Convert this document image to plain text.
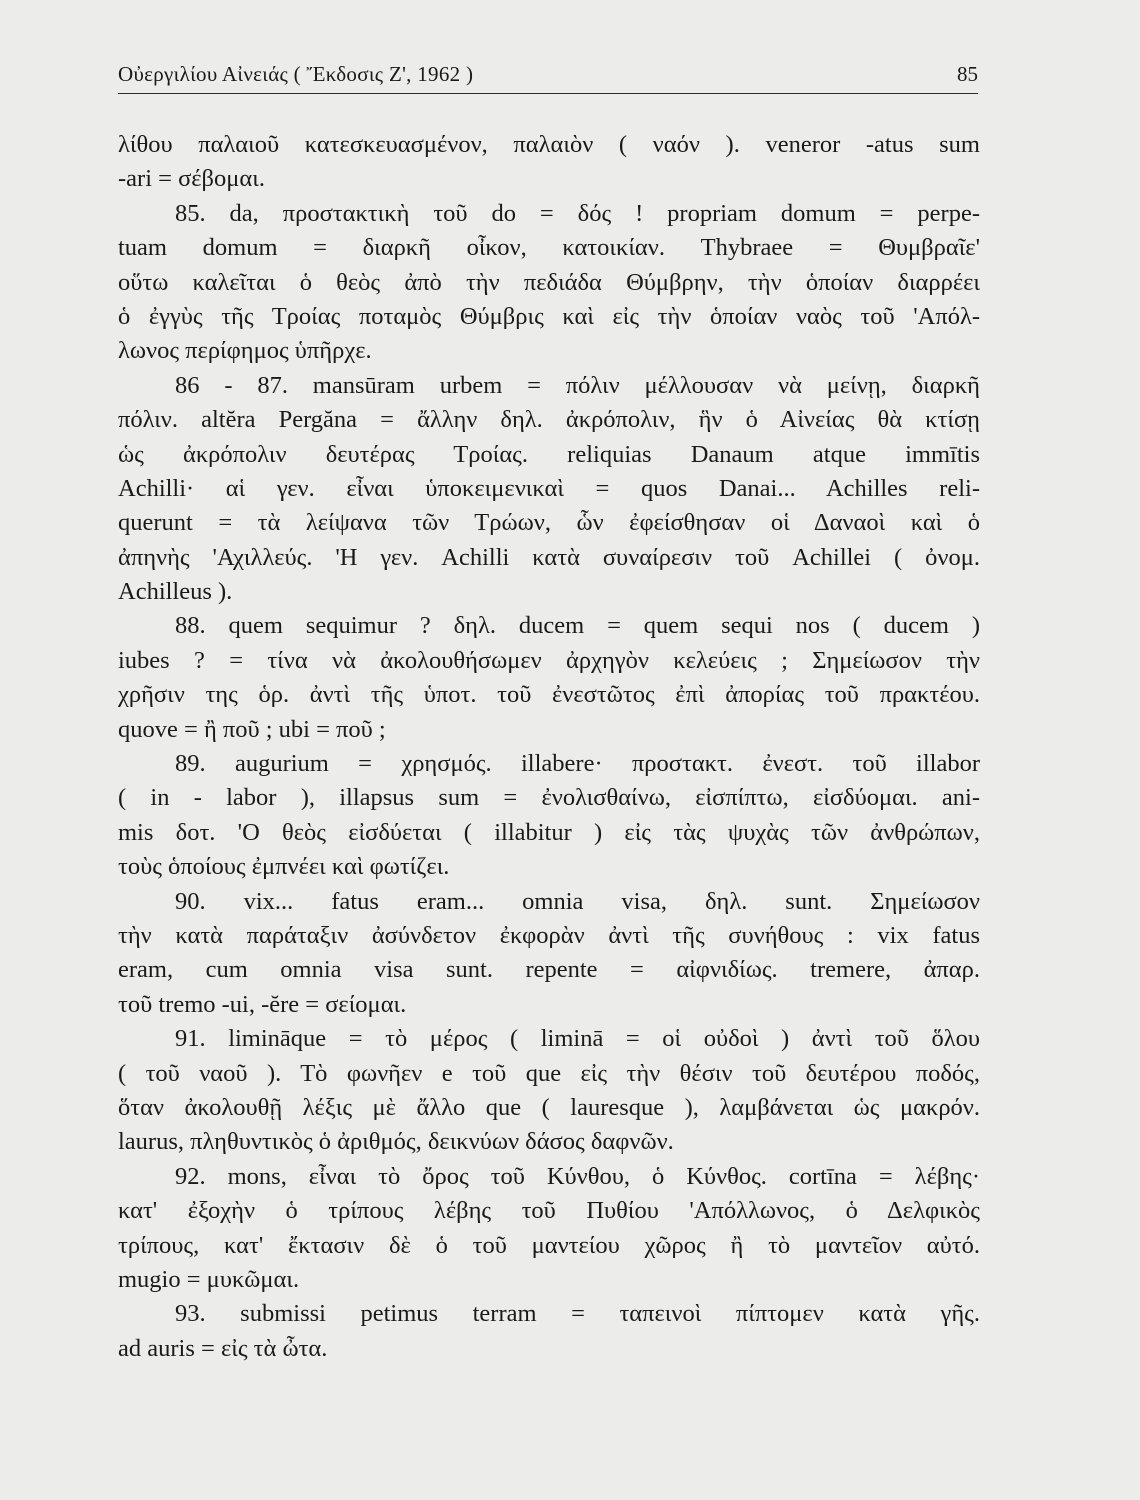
Οὐεργιλίου Αἰνειάς ( Ἔκδοσις Ζ', 1962 )	85
λίθου παλαιοῦ κατεσκευασμένον, παλαιὸν ( ναόν ). veneror -atus sum
-ari = σέβομαι.
85. da, προστακτικὴ τοῦ do = δός ! propriam domum = perpe-
tuam domum = διαρκῆ οἶκον, κατοικίαν. Thybraee = Θυμβραῖε'
οὕτω καλεῖται ὁ θεὸς ἀπὸ τὴν πεδιάδα Θύμβρην, τὴν ὁποίαν διαρρέει
ὁ ἐγγὺς τῆς Τροίας ποταμὸς Θύμβρις καὶ εἰς τὴν ὁποίαν ναὸς τοῦ 'Απόλ-
λωνος περίφημος ὑπῆρχε.
86 - 87. mansūram urbem = πόλιν μέλλουσαν νὰ μείνῃ, διαρκῆ
πόλιν. altĕra Pergăna = ἄλλην δηλ. ἀκρόπολιν, ἣν ὁ Αἰνείας θὰ κτίσῃ
ὡς ἀκρόπολιν δευτέρας Τροίας. reliquias Danaum atque immītis
Achilli· αἱ γεν. εἶναι ὑποκειμενικαὶ = quos Danai... Achilles reli-
querunt = τὰ λείψανα τῶν Τρώων, ὧν ἐφείσθησαν οἱ Δαναοὶ καὶ ὁ
ἀπηνὴς 'Αχιλλεύς. 'Η γεν. Achilli κατὰ συναίρεσιν τοῦ Achillei ( ὀνομ.
Achilleus ).
88. quem sequimur ? δηλ. ducem = quem sequi nos ( ducem )
iubes ? = τίνα νὰ ἀκολουθήσωμεν ἀρχηγὸν κελεύεις ; Σημείωσον τὴν
χρῆσιν της ὁρ. ἀντὶ τῆς ὑποτ. τοῦ ἐνεστῶτος ἐπὶ ἀπορίας τοῦ πρακτέου.
quove = ἢ ποῦ ; ubi = ποῦ ;
89. augurium = χρησμός. illabere· προστακτ. ἐνεστ. τοῦ illabor
( in - labor ), illapsus sum = ἐνολισθαίνω, εἰσπίπτω, εἰσδύομαι. ani-
mis δοτ. 'Ο θεὸς εἰσδύεται ( illabitur ) εἰς τὰς ψυχὰς τῶν ἀνθρώπων,
τοὺς ὁποίους ἐμπνέει καὶ φωτίζει.
90. vix... fatus eram... omnia visa, δηλ. sunt. Σημείωσον
τὴν κατὰ παράταξιν ἀσύνδετον ἐκφορὰν ἀντὶ τῆς συνήθους : vix fatus
eram, cum omnia visa sunt. repente = αἰφνιδίως. tremere, ἀπαρ.
τοῦ tremo -ui, -ĕre = σείομαι.
91. limināque = τὸ μέρος ( liminā = οἱ οὐδοὶ ) ἀντὶ τοῦ ὅλου
( τοῦ ναοῦ ). Τὸ φωνῆεν e τοῦ que εἰς τὴν θέσιν τοῦ δευτέρου ποδός,
ὅταν ἀκολουθῇ λέξις μὲ ἄλλο que ( lauresque ), λαμβάνεται ὡς μακρόν.
laurus, πληθυντικὸς ὁ ἀριθμός, δεικνύων δάσος δαφνῶν.
92. mons, εἶναι τὸ ὄρος τοῦ Κύνθου, ὁ Κύνθος. cortīna = λέβης·
κατ' ἐξοχὴν ὁ τρίπους λέβης τοῦ Πυθίου 'Απόλλωνος, ὁ Δελφικὸς
τρίπους, κατ' ἔκτασιν δὲ ὁ τοῦ μαντείου χῶρος ἢ τὸ μαντεῖον αὐτό.
mugio = μυκῶμαι.
93. submissi petimus terram = ταπεινοὶ πίπτομεν κατὰ γῆς.
ad auris = εἰς τὰ ὦτα.
